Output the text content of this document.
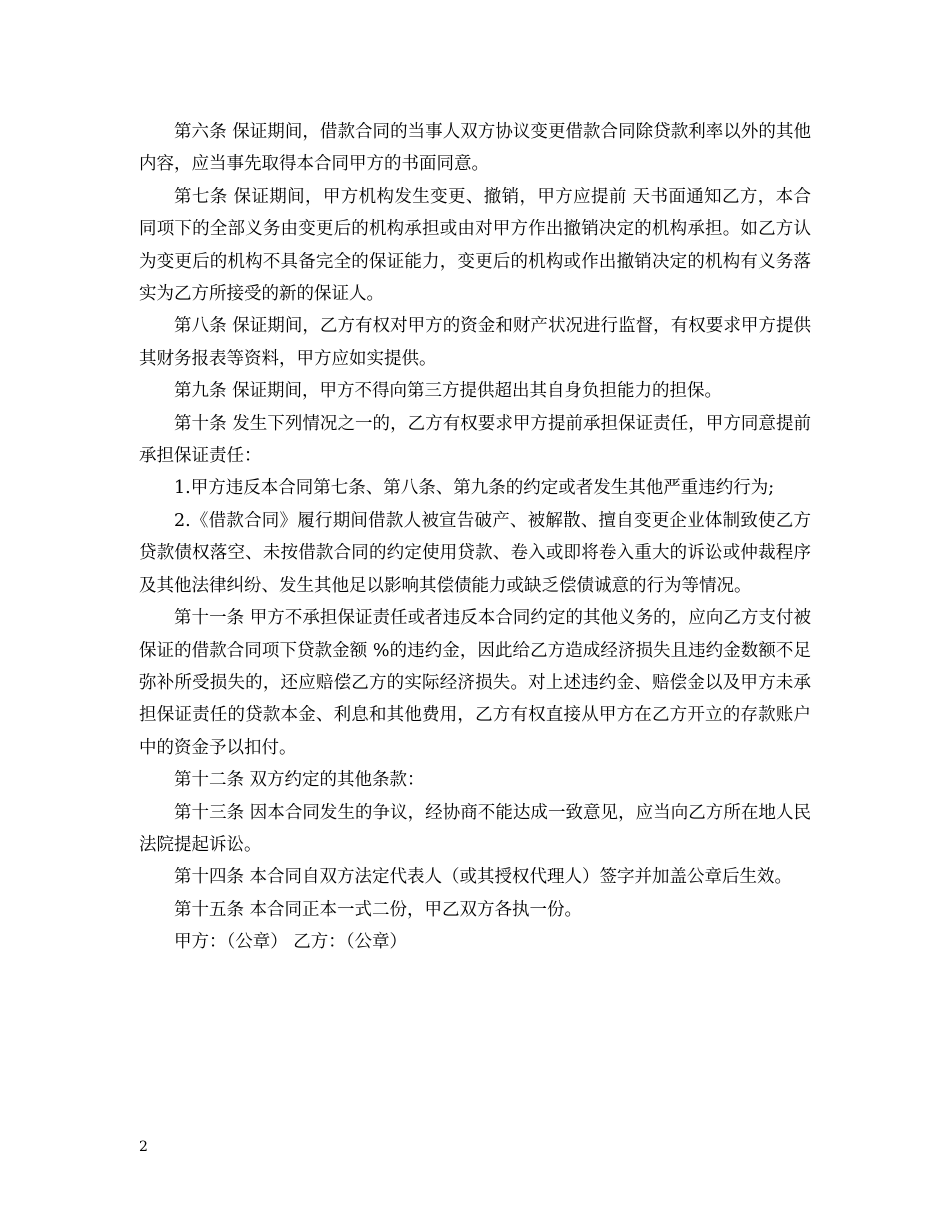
第六条 保证期间，借款合同的当事人双方协议变更借款合同除贷款利率以外的其他内容，应当事先取得本合同甲方的书面同意。

第七条 保证期间，甲方机构发生变更、撤销，甲方应提前 天书面通知乙方，本合同项下的全部义务由变更后的机构承担或由对甲方作出撤销决定的机构承担。如乙方认为变更后的机构不具备完全的保证能力，变更后的机构或作出撤销决定的机构有义务落实为乙方所接受的新的保证人。

第八条 保证期间，乙方有权对甲方的资金和财产状况进行监督，有权要求甲方提供其财务报表等资料，甲方应如实提供。

第九条 保证期间，甲方不得向第三方提供超出其自身负担能力的担保。

第十条 发生下列情况之一的，乙方有权要求甲方提前承担保证责任，甲方同意提前承担保证责任：

1.甲方违反本合同第七条、第八条、第九条的约定或者发生其他严重违约行为;

2.《借款合同》履行期间借款人被宣告破产、被解散、擅自变更企业体制致使乙方贷款债权落空、未按借款合同的约定使用贷款、卷入或即将卷入重大的诉讼或仲裁程序及其他法律纠纷、发生其他足以影响其偿债能力或缺乏偿债诚意的行为等情况。

第十一条 甲方不承担保证责任或者违反本合同约定的其他义务的，应向乙方支付被保证的借款合同项下贷款金额 %的违约金，因此给乙方造成经济损失且违约金数额不足弥补所受损失的，还应赔偿乙方的实际经济损失。对上述违约金、赔偿金以及甲方未承担保证责任的贷款本金、利息和其他费用，乙方有权直接从甲方在乙方开立的存款账户中的资金予以扣付。

第十二条 双方约定的其他条款：

第十三条 因本合同发生的争议，经协商不能达成一致意见，应当向乙方所在地人民法院提起诉讼。

第十四条 本合同自双方法定代表人（或其授权代理人）签字并加盖公章后生效。

第十五条 本合同正本一式二份，甲乙双方各执一份。

甲方：（公章） 乙方：（公章）

2
